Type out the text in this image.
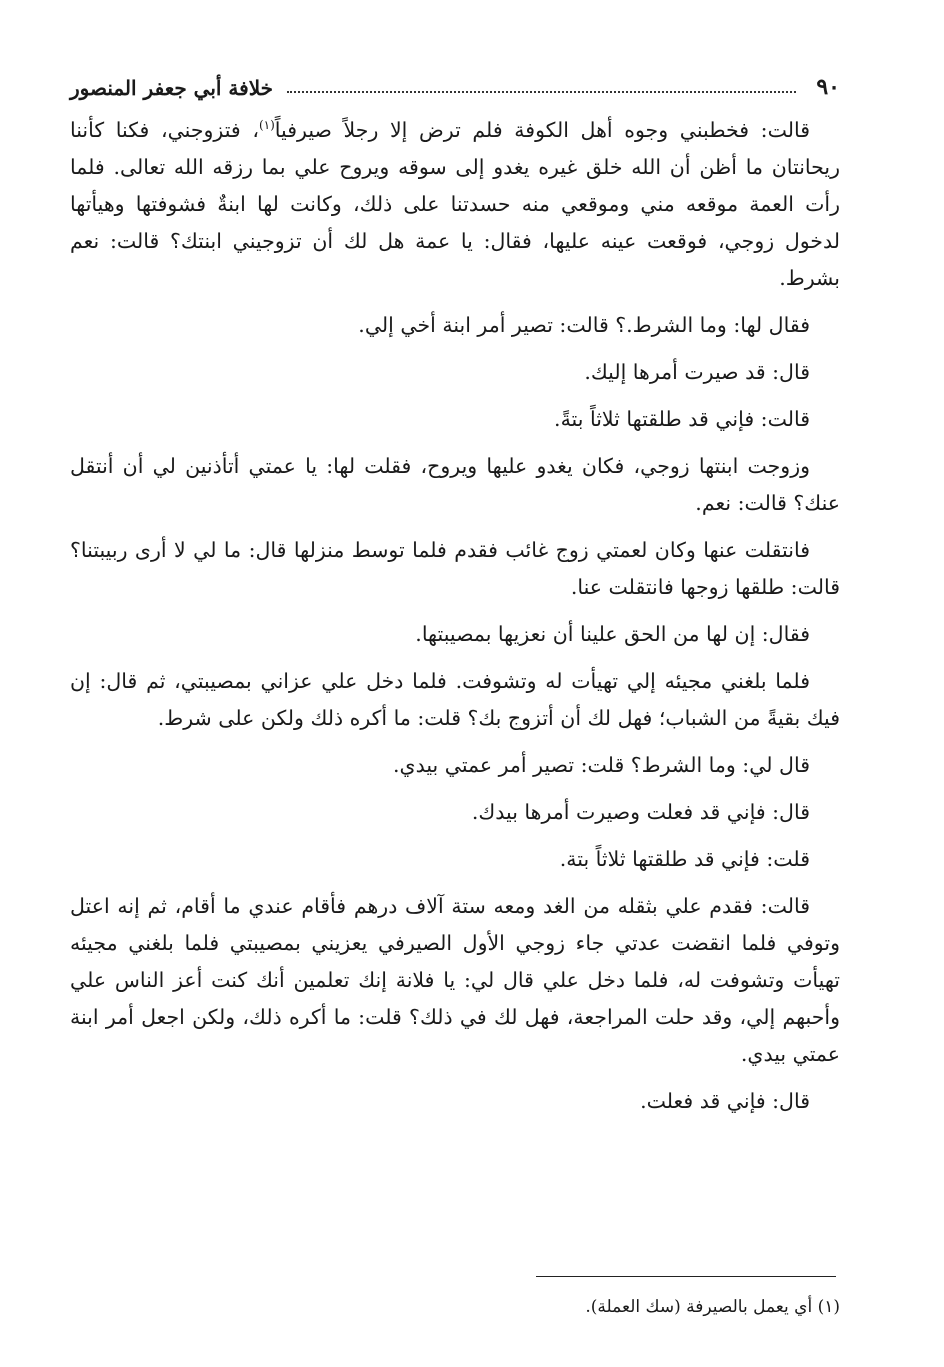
٩٠
خلافة أبي جعفر المنصور

قالت: فخطبني وجوه أهل الكوفة فلم ترض إلا رجلاً صيرفياً$^{(١)}$، فتزوجني، فكنا كأننا ريحانتان ما أظن أن الله خلق غيره يغدو إلى سوقه ويروح علي بما رزقه الله تعالى. فلما رأت العمة موقعه مني وموقعي منه حسدتنا على ذلك، وكانت لها ابنةٌ فشوفتها وهيأتها لدخول زوجي، فوقعت عينه عليها، فقال: يا عمة هل لك أن تزوجيني ابنتك؟ قالت: نعم بشرط.

فقال لها: وما الشرط.؟ قالت: تصير أمر ابنة أخي إلي.

قال: قد صيرت أمرها إليك.

قالت: فإني قد طلقتها ثلاثاً بتةً.

وزوجت ابنتها زوجي، فكان يغدو عليها ويروح، فقلت لها: يا عمتي أتأذنين لي أن أنتقل عنك؟ قالت: نعم.

فانتقلت عنها وكان لعمتي زوج غائب فقدم فلما توسط منزلها قال: ما لي لا أرى ربيبتنا؟ قالت: طلقها زوجها فانتقلت عنا.

فقال: إن لها من الحق علينا أن نعزيها بمصيبتها.

فلما بلغني مجيئه إلي تهيأت له وتشوفت. فلما دخل علي عزاني بمصيبتي، ثم قال: إن فيك بقيةً من الشباب؛ فهل لك أن أتزوج بك؟ قلت: ما أكره ذلك ولكن على شرط.

قال لي: وما الشرط؟ قلت: تصير أمر عمتي بيدي.

قال: فإني قد فعلت وصيرت أمرها بيدك.

قلت: فإني قد طلقتها ثلاثاً بتة.

قالت: فقدم علي بثقله من الغد ومعه ستة آلاف درهم فأقام عندي ما أقام، ثم إنه اعتل وتوفي فلما انقضت عدتي جاء زوجي الأول الصيرفي يعزيني بمصيبتي فلما بلغني مجيئه تهيأت وتشوفت له، فلما دخل علي قال لي: يا فلانة إنك تعلمين أنك كنت أعز الناس علي وأحبهم إلي، وقد حلت المراجعة، فهل لك في ذلك؟ قلت: ما أكره ذلك، ولكن اجعل أمر ابنة عمتي بيدي.

قال: فإني قد فعلت.

(١) أي يعمل بالصيرفة (سك العملة).
